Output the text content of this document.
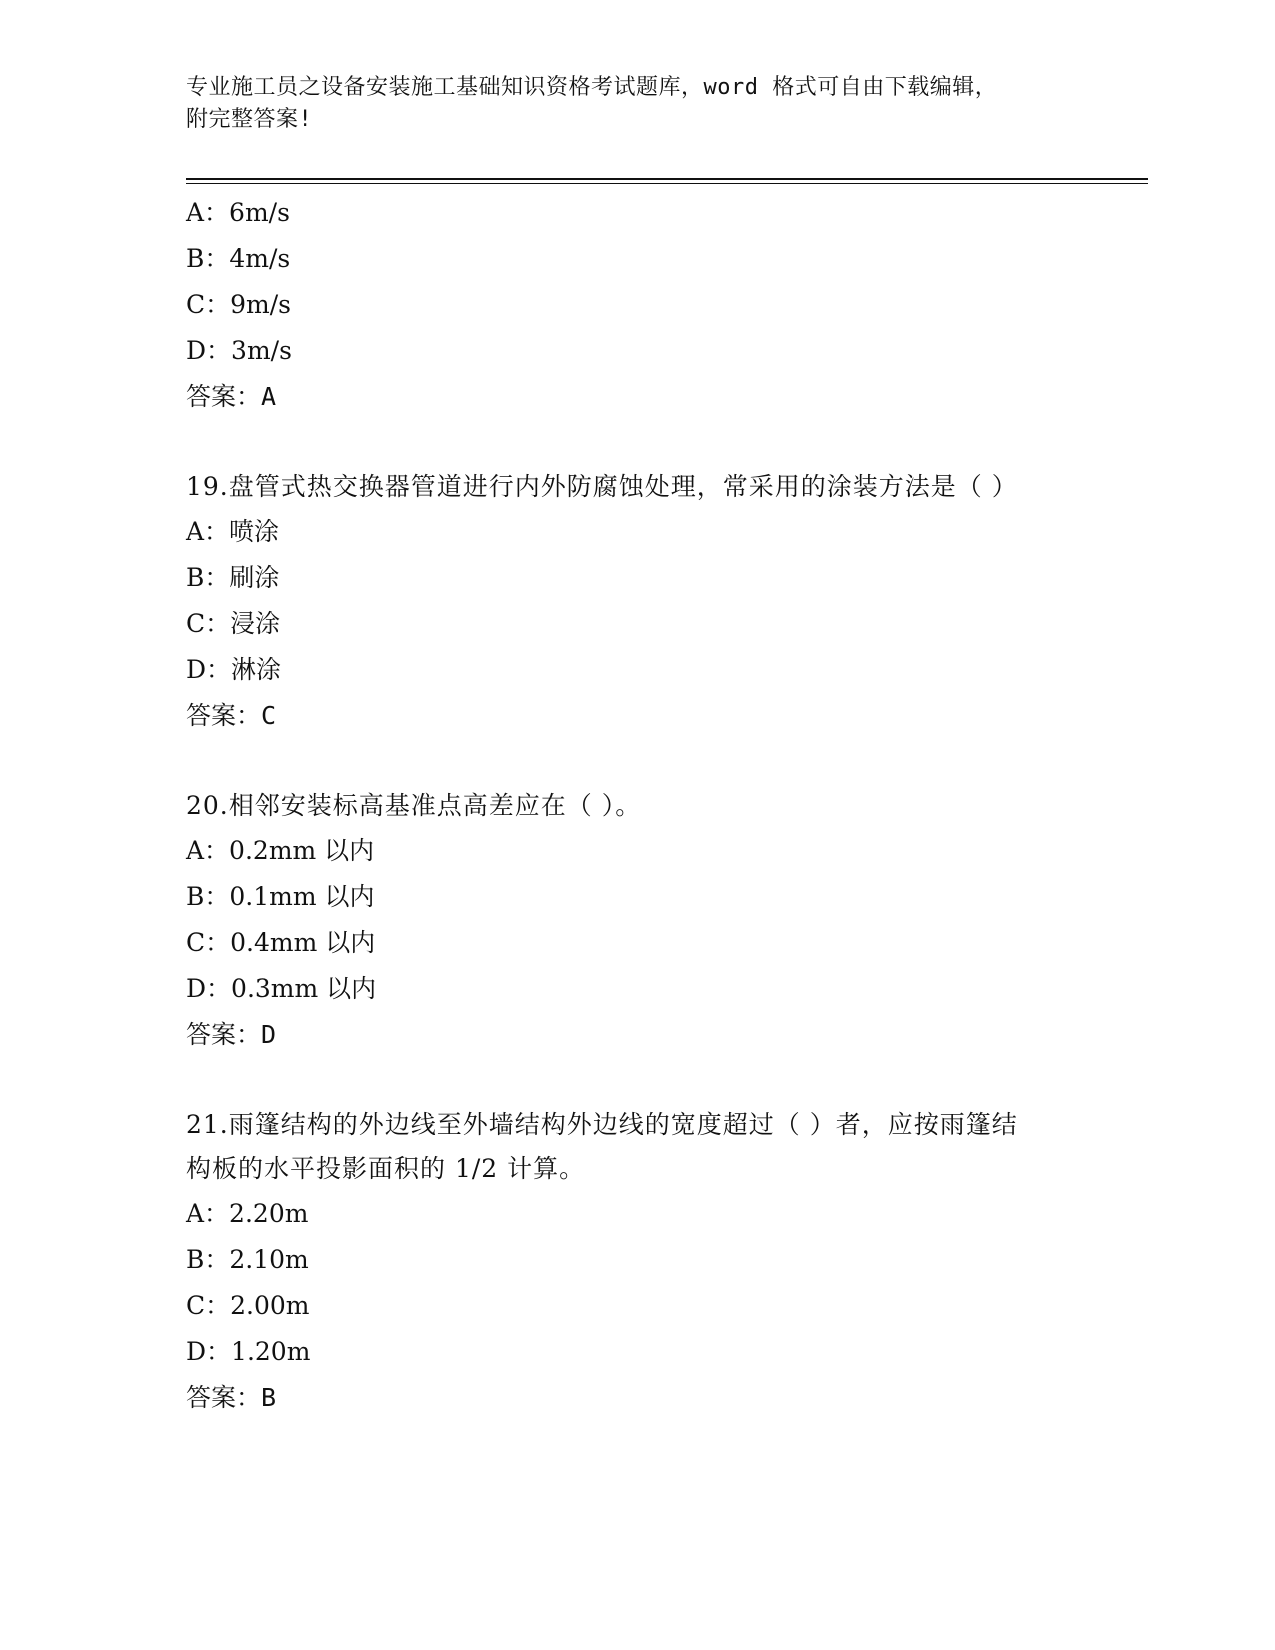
专业施工员之设备安装施工基础知识资格考试题库，word 格式可自由下载编辑，
附完整答案!
A：6m/s
B：4m/s
C：9m/s
D：3m/s
答案：A
19.盘管式热交换器管道进行内外防腐蚀处理，常采用的涂装方法是（ ）
A：喷涂
B：刷涂
C：浸涂
D：淋涂
答案：C
20.相邻安装标高基准点高差应在（ ）。
A：0.2mm 以内
B：0.1mm 以内
C：0.4mm 以内
D：0.3mm 以内
答案：D
21.雨篷结构的外边线至外墙结构外边线的宽度超过（ ）者，应按雨篷结构板的水平投影面积的 1/2 计算。
A：2.20m
B：2.10m
C：2.00m
D：1.20m
答案：B
